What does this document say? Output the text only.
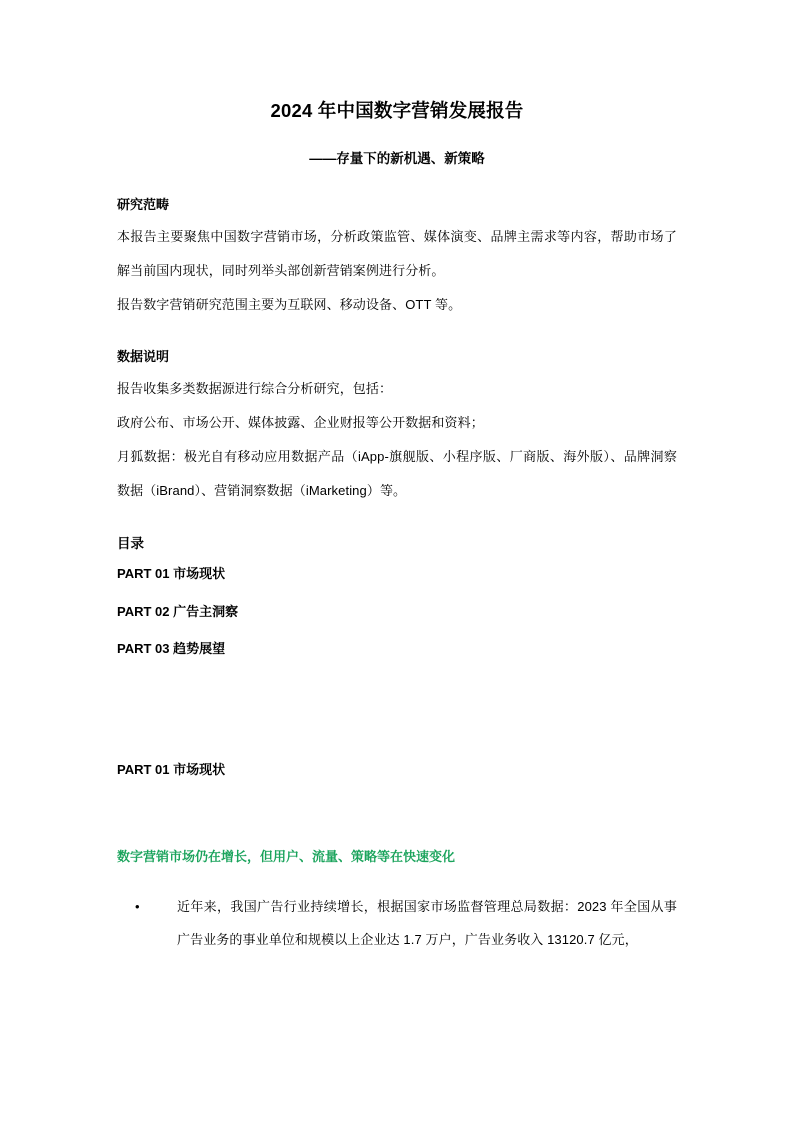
2024 年中国数字营销发展报告
——存量下的新机遇、新策略
研究范畴

本报告主要聚焦中国数字营销市场，分析政策监管、媒体演变、品牌主需求等内容，帮助市场了解当前国内现状，同时列举头部创新营销案例进行分析。

报告数字营销研究范围主要为互联网、移动设备、OTT 等。

数据说明

报告收集多类数据源进行综合分析研究，包括：

政府公布、市场公开、媒体披露、企业财报等公开数据和资料；

月狐数据：极光自有移动应用数据产品（iApp-旗舰版、小程序版、厂商版、海外版）、品牌洞察数据（iBrand）、营销洞察数据（iMarketing）等。

目录

PART 01 市场现状

PART 02 广告主洞察

PART 03 趋势展望

PART 01 市场现状
数字营销市场仍在增长，但用户、流量、策略等在快速变化
•	近年来，我国广告行业持续增长，根据国家市场监督管理总局数据：2023 年全国从事广告业务的事业单位和规模以上企业达 1.7 万户，广告业务收入 13120.7 亿元，
